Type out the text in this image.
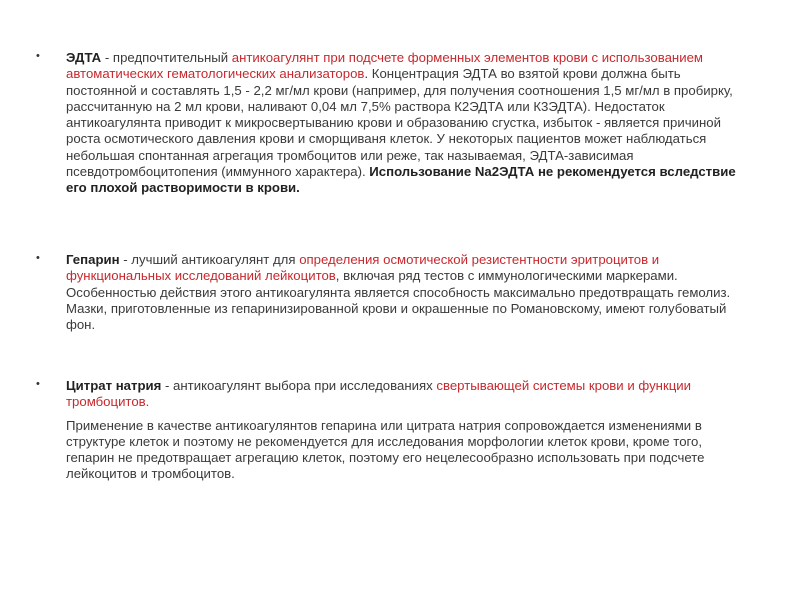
• ЭДТА - предпочтительный антикоагулянт при подсчете форменных элементов крови с использованием автоматических гематологических анализаторов. Концентрация ЭДТА во взятой крови должна быть постоянной и составлять 1,5 - 2,2 мг/мл крови (например, для получения соотношения 1,5 мг/мл в пробирку, рассчитанную на 2 мл крови, наливают 0,04 мл 7,5% раствора К2ЭДТА или К3ЭДТА). Недостаток антикоагулянта приводит к микросвертыванию крови и образованию сгустка, избыток - является причиной роста осмотического давления крови и сморщиваня клеток. У некоторых пациентов может наблюдаться небольшая спонтанная агрегация тромбоцитов или реже, так называемая, ЭДТА-зависимая псевдотромбоцитопения (иммунного характера). Использование Na2ЭДТА не рекомендуется вследствие его плохой растворимости в крови.
• Гепарин - лучший антикоагулянт для определения осмотической резистентности эритроцитов и функциональных исследований лейкоцитов, включая ряд тестов с иммунологическими маркерами. Особенностью действия этого антикоагулянта является способность максимально предотвращать гемолиз. Мазки, приготовленные из гепаринизированной крови и окрашенные по Романовскому, имеют голубоватый фон.
• Цитрат натрия - антикоагулянт выбора при исследованиях свертывающей системы крови и функции тромбоцитов.
Применение в качестве антикоагулянтов гепарина или цитрата натрия сопровождается изменениями в структуре клеток и поэтому не рекомендуется для исследования морфологии клеток крови, кроме того, гепарин не предотвращает агрегацию клеток, поэтому его нецелесообразно использовать при подсчете лейкоцитов и тромбоцитов.
